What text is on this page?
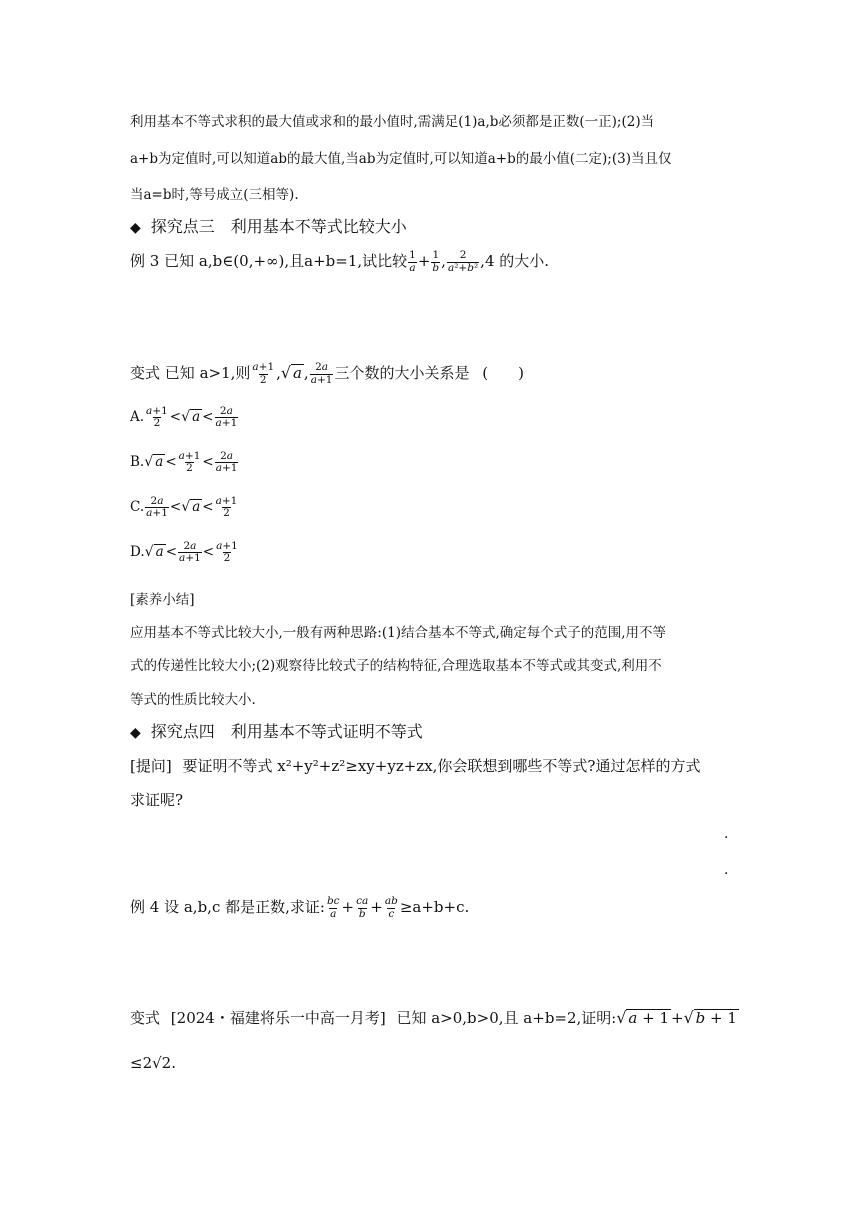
利用基本不等式求积的最大值或求和的最小值时,需满足(1)a,b必须都是正数(一正);(2)当
a+b为定值时,可以知道ab的最大值,当ab为定值时,可以知道a+b的最小值(二定);(3)当且仅
当a=b时,等号成立(三相等).
◆ 探究点三　利用基本不等式比较大小
例 3 已知 a,b∈(0,+∞),且a+b=1,试比较 $\frac{1}{a} + \frac{1}{b}$ , $\frac{2}{\text{a²+b²}} ,4$ 的大小.
变式 已知 a>1,则 $\frac{a+1}{2}$ , √ a , $\frac{2a}{a+1}$ 三个数的大小关系是 (　　)
A. $\frac{a+1}{2}$ < √ $a < \frac{2a}{a+1}$
B. √ $a < \frac{a+1}{2} < \frac{2a}{a+1}$
C. $\frac{2a}{a+1}$ < √ $a < \frac{a+1}{2}$
D. √ $a < \frac{2a}{a+1} < \frac{a+1}{2}$
[素养小结]
应用基本不等式比较大小,一般有两种思路:(1)结合基本不等式,确定每个式子的范围,用不等
式的传递性比较大小;(2)观察待比较式子的结构特征,合理选取基本不等式或其变式,利用不
等式的性质比较大小.
◆ 探究点四　利用基本不等式证明不等式
[提问] 要证明不等式 x²+y²+z²≥xy+yz+zx,你会联想到哪些不等式?通过怎样的方式
求证呢?
.
.
例 4 设 a,b,c 都是正数,求证: $\frac{bc}{a} + \frac{ca}{b} + \frac{ab}{c} \ge a+b+c$.
变式 [2024・福建将乐一中高一月考] 已知 a>0,b>0,且 a+b=2,证明: √ a + 1 + √ b + 1
≤2√2.
